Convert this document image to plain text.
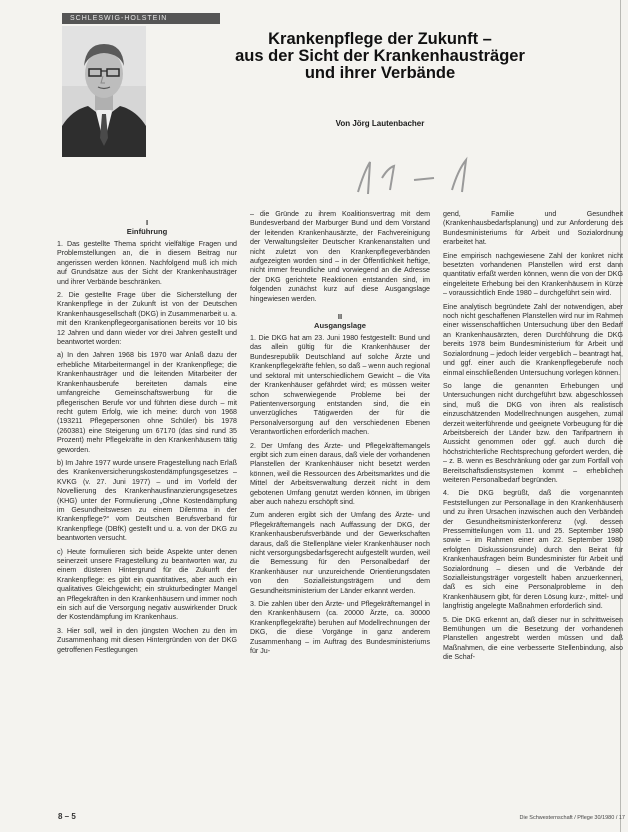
SCHLESWIG-HOLSTEIN
Krankenpflege der Zukunft –
aus der Sicht der Krankenhausträger
und ihrer Verbände
Von Jörg Lautenbacher
I
Einführung

1. Das gestellte Thema spricht vielfältige Fragen und Problemstellungen an, die in diesem Beitrag nur angerissen werden können. Nachfolgend muß ich mich auf Grundsätze aus der Sicht der Krankenhausträger und ihrer Verbände beschränken.

2. Die gestellte Frage über die Sicherstellung der Krankenpflege in der Zukunft ist von der Deutschen Krankenhausgesellschaft (DKG) in Zusammenarbeit u. a. mit den Krankenpflegeorganisationen bereits vor 10 bis 12 Jahren und dann wieder vor drei Jahren gestellt und beantwortet worden:

a) In den Jahren 1968 bis 1970 war Anlaß dazu der erhebliche Mitarbeitermangel in der Krankenpflege; die Krankenhausträger und die leitenden Mitarbeiter der Krankenhausberufe bereiteten damals eine umfangreiche Gemeinschaftswerbung für die pflegerischen Berufe vor und führten diese durch – mit recht gutem Erfolg, wie ich meine: durch von 1968 (193211 Pflegepersonen ohne Schüler) bis 1978 (260381) eine Steigerung um 67170 (das sind rund 35 Prozent) mehr Pflegekräfte in den Krankenhäusern tätig geworden.

b) Im Jahre 1977 wurde unsere Fragestellung nach Erlaß des Krankenversicherungskostendämpfungsgesetzes – KVKG (v. 27. Juni 1977) – und im Vorfeld der Novellierung des Krankenhausfinanzierungsgesetzes (KHG) unter der Formulierung „Ohne Kostendämpfung im Gesundheitswesen zu einem Dilemma in der Krankenpflege?“ vom Deutschen Berufsverband für Krankenpflege (DBfK) gestellt und u. a. von der DKG zu beantworten versucht.

c) Heute formulieren sich beide Aspekte unter denen seinerzeit unsere Fragestellung zu beantworten war, zu einem düsteren Hintergrund für die Zukunft der Krankenpflege: es gibt ein quantitatives, aber auch ein qualitatives Gleichgewicht; ein strukturbedingter Mangel an Pflegekräften in den Krankenhäusern und immer noch ein sich auf die Versorgung negativ auswirkender Druck der Kostendämpfung im Krankenhaus.

3. Hier soll, weil in den jüngsten Wochen zu den im Zusammenhang mit diesen Hintergründen von der DKG getroffenen Festlegungen

– die Gründe zu ihrem Koalitionsvertrag mit dem Bundesverband der Marburger Bund und dem Vorstand der leitenden Krankenhausärzte, der Fachvereinigung der Verwaltungsleiter Deutscher Krankenanstalten und nicht zuletzt von den Krankenpflegeverbänden aufgezeigten worden sind – in der Öffentlichkeit heftige, nicht immer freundliche und vorwiegend an die Adresse der DKG gerichtete Reaktionen entstanden sind, im folgenden zunächst kurz auf diese Ausgangslage hingewiesen werden.

II
Ausgangslage

1. Die DKG hat am 23. Juni 1980 festgestellt: Bund und das allein gültig für die Krankenhäuser der Bundesrepublik Deutschland auf solche Ärzte und Krankenpflegekräfte fehlen, so daß – wenn auch regional und sektoral mit unterschiedlichem Gewicht – die Vita der Krankenhäuser gefährdet wird; es müssen weiter schon schwerwiegende Probleme bei der Patientenversorgung entstanden sind, die ein unverzügliches Tätigwerden der für die Personalversorgung auf den verschiedenen Ebenen Verantwortlichen erforderlich machen.

2. Der Umfang des Ärzte- und Pflegekräftemangels ergibt sich zum einen daraus, daß viele der vorhandenen Planstellen der Krankenhäuser nicht besetzt werden können, weil die Ressourcen des Arbeitsmarktes und die Mittel der Arbeitsverwaltung derzeit nicht in dem gebotenen Umfang genutzt werden können, im übrigen aber auch nahezu erschöpft sind.

Zum anderen ergibt sich der Umfang des Ärzte- und Pflegekräftemangels nach Auffassung der DKG, der Krankenhausberufsverbände und der Gewerkschaften daraus, daß die Stellenpläne vieler Krankenhäuser noch nicht versorgungsbedarfsgerecht aufgestellt wurden, weil die Bemessung für den Personalbedarf der Krankenhäuser nur unzureichende Orientierungsdaten von den Sozialleistungsträgern und dem Gesundheitsministerium der Länder erkannt werden.

3. Die zahlen über den Ärzte- und Pflegekräftemangel in den Krankenhäusern (ca. 20000 Ärzte, ca. 30000 Krankenpflegekräfte) beruhen auf Modellrechnungen der DKG, die diese Vorgänge in ganz anderem Zusammenhang – im Auftrag des Bundesministeriums für Ju-

gend, Familie und Gesundheit (Krankenhausbedarfsplanung) und zur Anforderung des Bundesministeriums für Arbeit und Sozialordnung erarbeitet hat.

Eine empirisch nachgewiesene Zahl der konkret nicht besetzten vorhandenen Planstellen wird erst dann quantitativ erfaßt werden können, wenn die von der DKG eingeleitete Erhebung bei den Krankenhäusern in Kürze – voraussichtlich Ende 1980 – durchgeführt sein wird.

Eine analytisch begründete Zahl der notwendigen, aber noch nicht geschaffenen Planstellen wird nur im Rahmen einer wissenschaftlichen Untersuchung über den Bedarf an Krankenhausärzten, deren Durchführung die DKG bereits 1978 beim Bundesministerium für Arbeit und Sozialordnung – jedoch leider vergeblich – beantragt hat, und ggf. einer auch die Krankenpflegeberufe noch einmal einschließenden Untersuchung vorlegen können.

So lange die genannten Erhebungen und Untersuchungen nicht durchgeführt bzw. abgeschlossen sind, muß die DKG von ihren als realistisch einzuschätzenden Modellrechnungen ausgehen, zumal derzeit weiterführende und geeignete Vorbeugung für die Arbeitsbereich der Länder bzw. den Tarifpartnern in Aussicht genommen oder ggf. auch durch die höchstrichterliche Rechtsprechung gefordert werden, die – z. B. wenn es Beschränkung oder gar zum Fortfall von Bereitschaftsdienstsystemen kommt – erheblichen weiteren Personalbedarf begründen.

4. Die DKG begrüßt, daß die vorgenannten Feststellungen zur Personallage in den Krankenhäusern und zu ihren Ursachen inzwischen auch den Verbänden der Gesundheitsministerkonferenz (vgl. dessen Pressemitteilungen vom 11. und 25. September 1980 sowie – im Rahmen einer am 22. September 1980 erfolgten Diskussionsrunde) durch den Beirat für Krankenhausfragen beim Bundesminister für Arbeit und Sozialordnung – diesen und die Verbände der Sozialleistungsträger vorgestellt haben anzuerkennen, daß es sich eine Personalprobleme in den Krankenhäusern gibt, für deren Lösung kurz-, mittel- und langfristig angelegte Maßnahmen erforderlich sind.

5. Die DKG erkennt an, daß dieser nur in schrittweisen Bemühungen um die Besetzung der vorhandenen Planstellen angestrebt werden müssen und daß Maßnahmen, die eine verbesserte Stellenbindung, also die Schaf-

8 – 5	Die Schwesternschaft / Pflege 30/1980 / 17
